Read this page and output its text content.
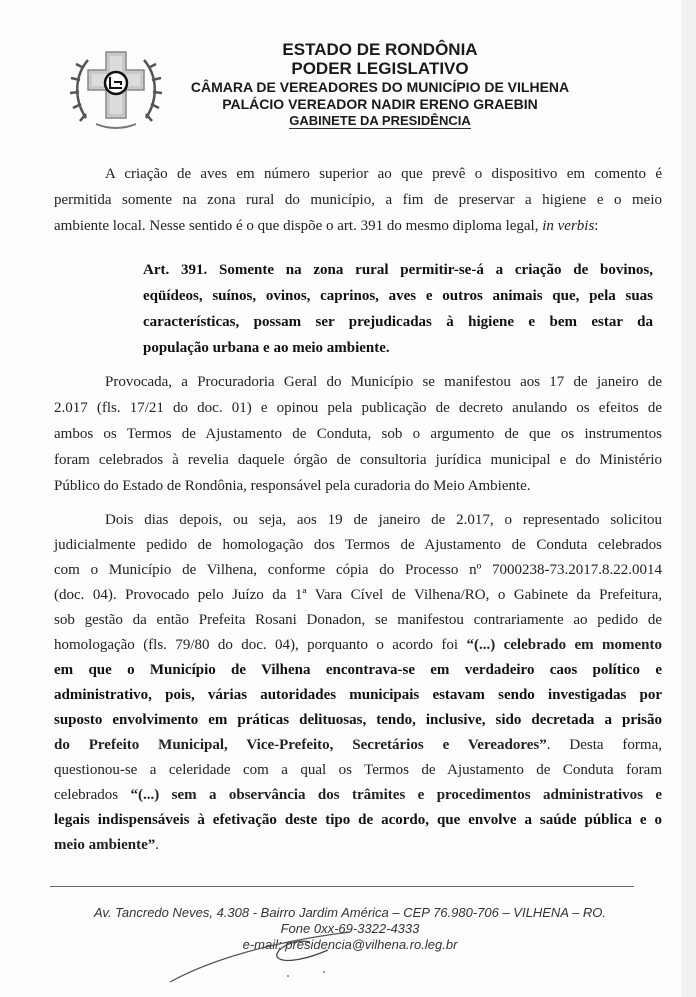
ESTADO DE RONDÔNIA
PODER LEGISLATIVO
CÂMARA DE VEREADORES DO MUNICÍPIO DE VILHENA
PALÁCIO VEREADOR NADIR ERENO GRAEBIN
GABINETE DA PRESIDÊNCIA
A criação de aves em número superior ao que prevê o dispositivo em comento é
permitida somente na zona rural do município, a fim de preservar a higiene e o meio
ambiente local. Nesse sentido é o que dispõe o art. 391 do mesmo diploma legal, in verbis:
Art. 391. Somente na zona rural permitir-se-á a criação de bovinos,
eqüídeos, suínos, ovinos, caprinos, aves e outros animais que, pela suas
características, possam ser prejudicadas à higiene e bem estar da
população urbana e ao meio ambiente.
Provocada, a Procuradoria Geral do Município se manifestou aos 17 de janeiro de
2.017 (fls. 17/21 do doc. 01) e opinou pela publicação de decreto anulando os efeitos de
ambos os Termos de Ajustamento de Conduta, sob o argumento de que os instrumentos
foram celebrados à revelia daquele órgão de consultoria jurídica municipal e do Ministério
Público do Estado de Rondônia, responsável pela curadoria do Meio Ambiente.
Dois dias depois, ou seja, aos 19 de janeiro de 2.017, o representado solicitou
judicialmente pedido de homologação dos Termos de Ajustamento de Conduta celebrados
com o Município de Vilhena, conforme cópia do Processo nº 7000238-73.2017.8.22.0014
(doc. 04). Provocado pelo Juízo da 1ª Vara Cível de Vilhena/RO, o Gabinete da Prefeitura,
sob gestão da então Prefeita Rosani Donadon, se manifestou contrariamente ao pedido de
homologação (fls. 79/80 do doc. 04), porquanto o acordo foi “(...) celebrado em momento
em que o Município de Vilhena encontrava-se em verdadeiro caos político e
administrativo, pois, várias autoridades municipais estavam sendo investigadas por
suposto envolvimento em práticas delituosas, tendo, inclusive, sido decretada a prisão
do Prefeito Municipal, Vice-Prefeito, Secretários e Vereadores”. Desta forma,
questionou-se a celeridade com a qual os Termos de Ajustamento de Conduta foram
celebrados “(...) sem a observância dos trâmites e procedimentos administrativos e
legais indispensáveis à efetivação deste tipo de acordo, que envolve a saúde pública e o
meio ambiente”.
Av. Tancredo Neves, 4.308 - Bairro Jardim América – CEP 76.980-706 – VILHENA – RO.
Fone 0xx-69-3322-4333
e-mail: presidencia@vilhena.ro.leg.br
